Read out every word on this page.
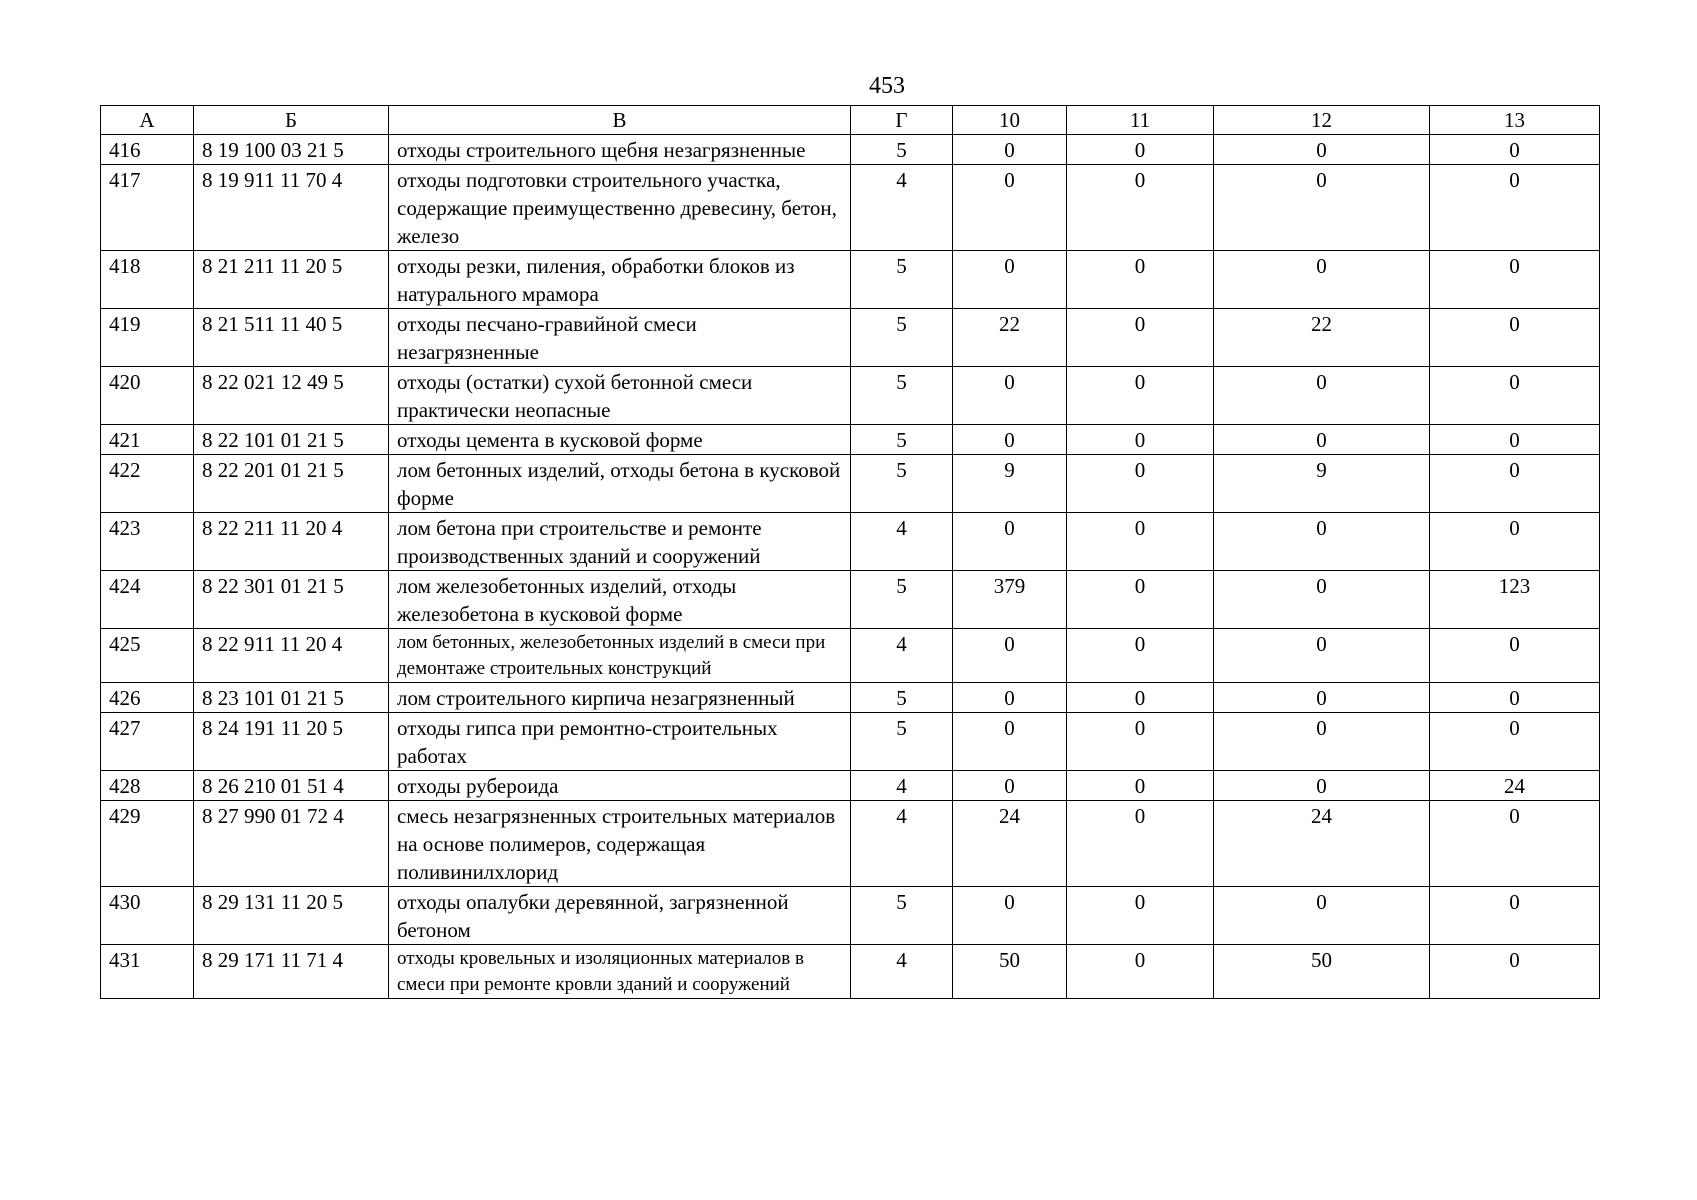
453
А	Б	В	Г	10	11	12	13
416	8 19 100 03 21 5	отходы строительного щебня незагрязненные	5	0	0	0	0
417	8 19 911 11 70 4	отходы подготовки строительного участка, содержащие преимущественно древесину, бетон, железо	4	0	0	0	0
418	8 21 211 11 20 5	отходы резки, пиления, обработки блоков из натурального мрамора	5	0	0	0	0
419	8 21 511 11 40 5	отходы песчано-гравийной смеси незагрязненные	5	22	0	22	0
420	8 22 021 12 49 5	отходы (остатки) сухой бетонной смеси практически неопасные	5	0	0	0	0
421	8 22 101 01 21 5	отходы цемента в кусковой форме	5	0	0	0	0
422	8 22 201 01 21 5	лом бетонных изделий, отходы бетона в кусковой форме	5	9	0	9	0
423	8 22 211 11 20 4	лом бетона при строительстве и ремонте производственных зданий и сооружений	4	0	0	0	0
424	8 22 301 01 21 5	лом железобетонных изделий, отходы железобетона в кусковой форме	5	379	0	0	123
425	8 22 911 11 20 4	лом бетонных, железобетонных изделий в смеси при демонтаже строительных конструкций	4	0	0	0	0
426	8 23 101 01 21 5	лом строительного кирпича незагрязненный	5	0	0	0	0
427	8 24 191 11 20 5	отходы гипса при ремонтно-строительных работах	5	0	0	0	0
428	8 26 210 01 51 4	отходы рубероида	4	0	0	0	24
429	8 27 990 01 72 4	смесь незагрязненных строительных материалов на основе полимеров, содержащая поливинилхлорид	4	24	0	24	0
430	8 29 131 11 20 5	отходы опалубки деревянной, загрязненной бетоном	5	0	0	0	0
431	8 29 171 11 71 4	отходы кровельных и изоляционных материалов в смеси при ремонте кровли зданий и сооружений	4	50	0	50	0
